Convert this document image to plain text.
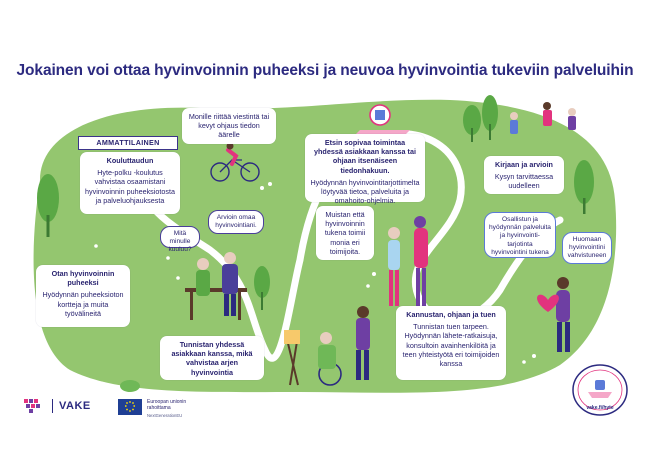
Jokainen voi ottaa hyvinvoinnin puheeksi ja neuvoa hyvinvointia tukeviin palveluihin
AMMATTILAINEN
Kouluttaudun
Hyte-polku -koulutus vahvistaa osaamistani hyvinvoinnin puheeksiotosta ja palveluohjauksesta
Otan hyvinvoinnin puheeksi
Hyödynnän puheeksioton kortteja ja muita työvälineitä
Tunnistan yhdessä asiakkaan kanssa, mikä vahvistaa arjen hyvinvointia
Monille riittää viestintä tai kevyt ohjaus tiedon äärelle
Etsin sopivaa toimintaa yhdessä asiakkaan kanssa tai ohjaan itsenäiseen tiedonhakuun.
Hyödynnän hyvinvointitarjottimelta löytyvää tietoa, palveluita ja omahoito-ohjelmia.
Muistan että hyvinvoinnin tukena toimii monia eri toimijoita.
Kirjaan ja arvioin
Kysyn tarvittaessa uudelleen
Kannustan, ohjaan ja tuen
Tunnistan tuen tarpeen. Hyödynnän lähete-ratkaisuja, konsultoin avainhenkilöitä ja teen yhteistyötä eri toimijoiden kanssa
Mitä minulle kuuluu?
Arvioin omaa hyvinvointiani.
Osallistun ja hyödynnän palveluita ja hyvinvointi-tarjotinta hyvinvointini tukena
Huomaan hyvinvointini vahvistuneen
VAKE	Euroopan unionin rahoittama
NextGenerationEU
vake.fi/hyte
